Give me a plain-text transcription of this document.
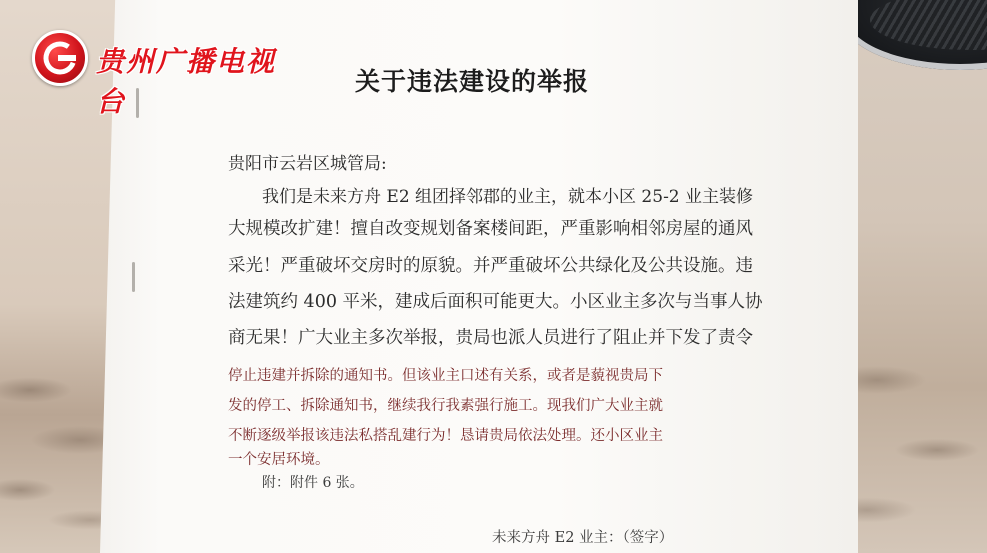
关于违法建设的举报
贵阳市云岩区城管局:
我们是未来方舟 E2 组团择邻郡的业主，就本小区 25-2 业主装修
大规模改扩建！擅自改变规划备案楼间距，严重影响相邻房屋的通风
采光！严重破坏交房时的原貌。并严重破坏公共绿化及公共设施。违
法建筑约 400 平米，建成后面积可能更大。小区业主多次与当事人协
商无果！广大业主多次举报，贵局也派人员进行了阻止并下发了责令
停止违建并拆除的通知书。但该业主口述有关系，或者是藐视贵局下
发的停工、拆除通知书，继续我行我素强行施工。现我们广大业主就
不断逐级举报该违法私搭乱建行为！恳请贵局依法处理。还小区业主
一个安居环境。
附：附件 6 张。
未来方舟 E2 业主：（签字）
贵州广播电视台
